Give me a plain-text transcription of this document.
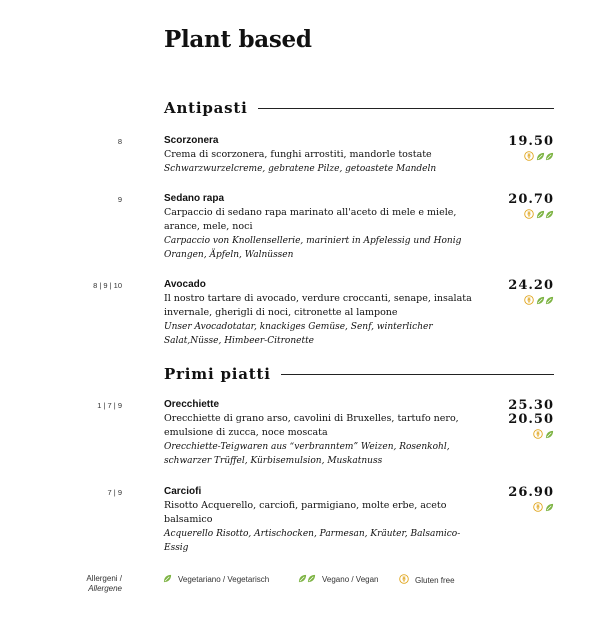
Plant based
Antipasti
Primi piatti
8	Scorzonera
Crema di scorzonera, funghi arrostiti, mandorle tostate
Schwarzwurzelcreme, gebratene Pilze, getoastete Mandeln
19.50
9	Sedano rapa
Carpaccio di sedano rapa marinato all'aceto di mele e miele, arance, mele, noci
Carpaccio von Knollensellerie, mariniert in Apfelessig und Honig Orangen, Äpfeln, Walnüssen
20.70
8 | 9 | 10	Avocado
Il nostro tartare di avocado, verdure croccanti, senape, insalata invernale, gherigli di noci, citronette al lampone
Unser Avocadotatar, knackiges Gemüse, Senf, winterlicher Salat,Nüsse, Himbeer-Citronette
24.20
1 | 7 | 9	Orecchiette
Orecchiette di grano arso, cavolini di Bruxelles, tartufo nero, emulsione di zucca, noce moscata
Orecchiette-Teigwaren aus “verbranntem” Weizen, Rosenkohl, schwarzer Trüffel, Kürbisemulsion, Muskatnuss
25.30
20.50
7 | 9	Carciofi
Risotto Acquerello, carciofi, parmigiano, molte erbe, aceto balsamico
Acquerello Risotto, Artischocken, Parmesan, Kräuter, Balsamico-Essig
26.90
Allergeni /
Allergene
Vegetariano / Vegetarisch	Vegano / Vegan	Gluten free
